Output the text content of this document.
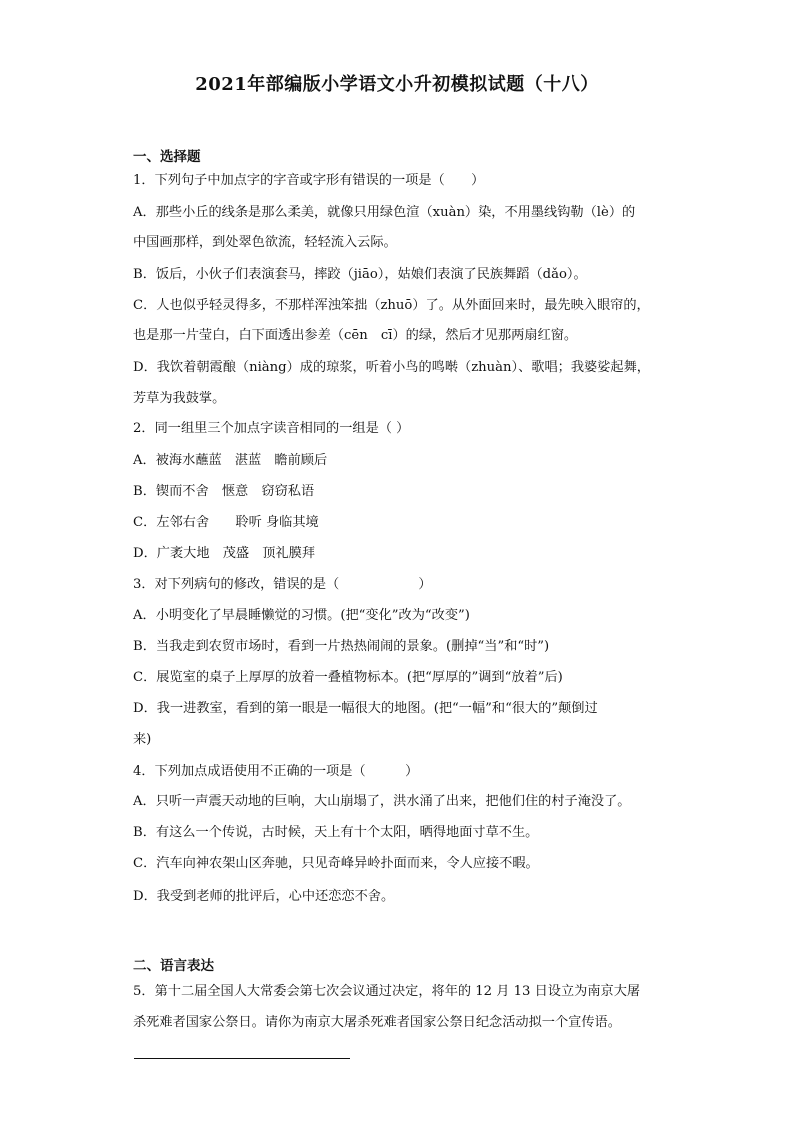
2021年部编版小学语文小升初模拟试题（十八）
一、选择题
1．下列句子中加点字的字音或字形有错误的一项是（　　）
A．那些小丘的线条是那么柔美，就像只用绿色渲（xuàn）染，不用墨线钩勒（lè）的
中国画那样，到处翠色欲流，轻轻流入云际。
B．饭后，小伙子们表演套马，摔跤（jiāo），姑娘们表演了民族舞蹈（dǎo）。
C．人也似乎轻灵得多，不那样浑浊笨拙（zhuō）了。从外面回来时，最先映入眼帘的，
也是那一片莹白，白下面透出参差（cēn　cī）的绿，然后才见那两扇红窗。
D．我饮着朝霞酿（niàng）成的琼浆，听着小鸟的鸣啭（zhuàn）、歌唱；我婆娑起舞，
芳草为我鼓掌。
2．同一组里三个加点字读音相同的一组是（ ）
A．被海水蘸蓝　湛蓝　瞻前顾后
B．锲而不舍　惬意　窃窃私语
C．左邻右舍　　聆听 身临其境
D．广袤大地　茂盛　顶礼膜拜
3．对下列病句的修改，错误的是（　　　　　　）
A．小明变化了早晨睡懒觉的习惯。(把“变化”改为“改变”)
B．当我走到农贸市场时，看到一片热热闹闹的景象。(删掉“当”和“时”)
C．展览室的桌子上厚厚的放着一叠植物标本。(把“厚厚的”调到“放着”后)
D．我一进教室，看到的第一眼是一幅很大的地图。(把“一幅”和“很大的”颠倒过
来)
4．下列加点成语使用不正确的一项是（　　　）
A．只听一声震天动地的巨响，大山崩塌了，洪水涌了出来，把他们住的村子淹没了。
B．有这么一个传说，古时候，天上有十个太阳，晒得地面寸草不生。
C．汽车向神农架山区奔驰，只见奇峰异岭扑面而来，令人应接不暇。
D．我受到老师的批评后，心中还恋恋不舍。
二、语言表达
5．第十二届全国人大常委会第七次会议通过决定，将年的 12 月 13 日设立为南京大屠
杀死难者国家公祭日。请你为南京大屠杀死难者国家公祭日纪念活动拟一个宣传语。
